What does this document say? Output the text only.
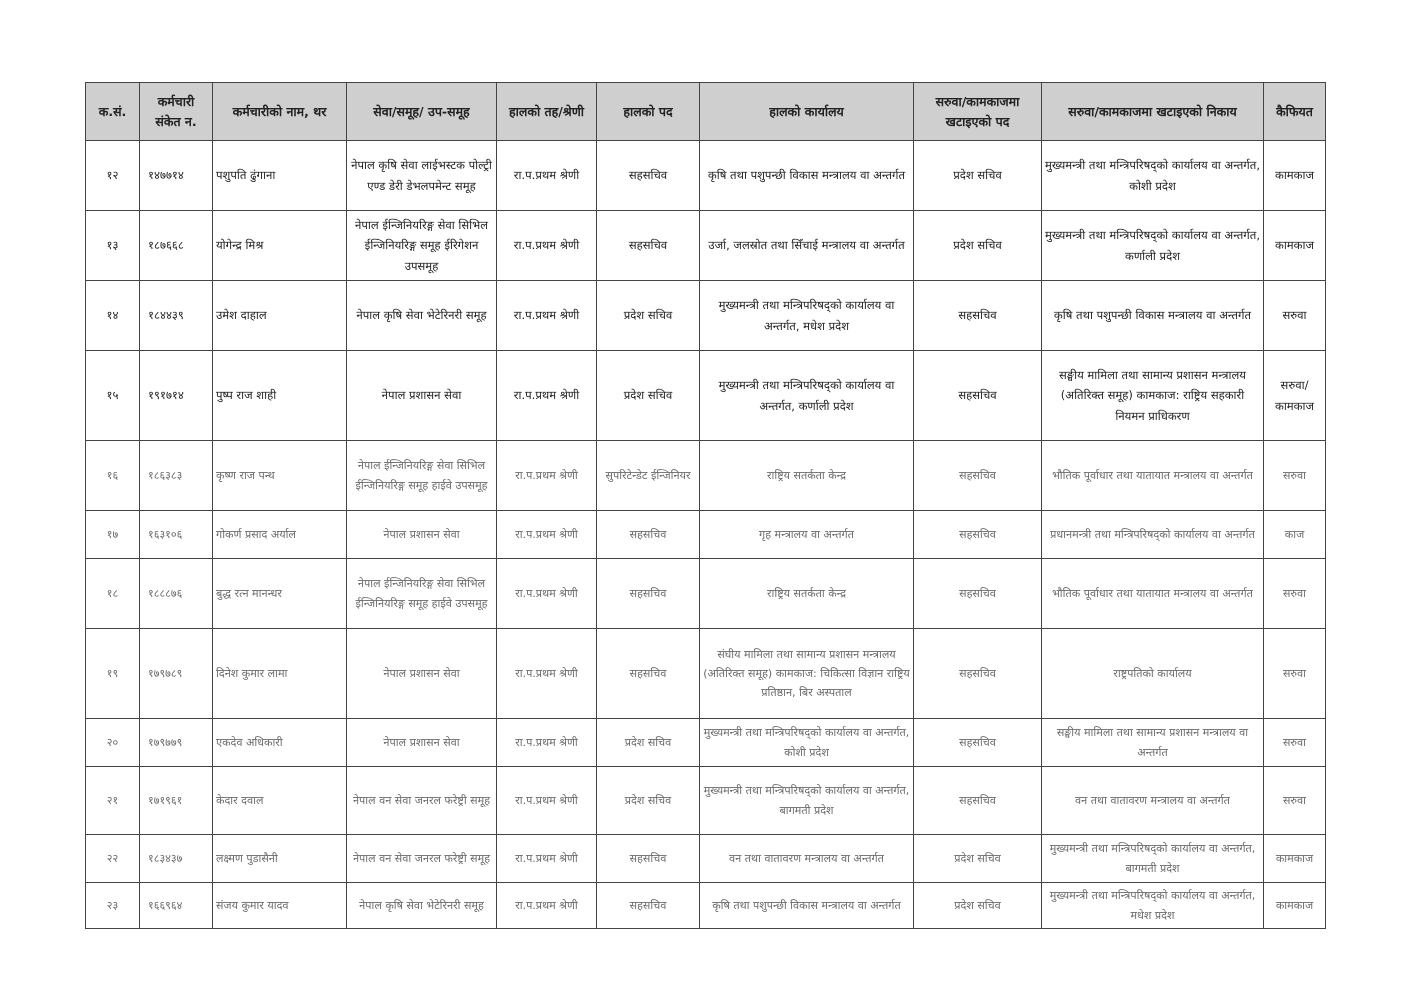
क.सं.	कर्मचारी संकेत न.	कर्मचारीको नाम, थर	सेवा/समूह/ उप-समूह	हालको तह/श्रेणी	हालको पद	हालको कार्यालय	सरुवा/कामकाजमा खटाइएको पद	सरुवा/कामकाजमा खटाइएको निकाय	कैफियत
१२	१४७७१४	पशुपति ढुंगाना	नेपाल कृषि सेवा लाईभस्टक पोल्ट्री एण्ड डेरी डेभलपमेन्ट समूह	रा.प.प्रथम श्रेणी	सहसचिव	कृषि तथा पशुपन्छी विकास मन्त्रालय वा अन्तर्गत	प्रदेश सचिव	मुख्यमन्त्री तथा मन्त्रिपरिषद्को कार्यालय वा अन्तर्गत, कोशी प्रदेश	कामकाज
१३	१८७६६८	योगेन्द्र मिश्र	नेपाल ईन्जिनियरिङ्ग सेवा सिभिल ईन्जिनियरिङ्ग समूह ईरिगेशन उपसमूह	रा.प.प्रथम श्रेणी	सहसचिव	उर्जा, जलस्रोत तथा सिँचाई मन्त्रालय वा अन्तर्गत	प्रदेश सचिव	मुख्यमन्त्री तथा मन्त्रिपरिषद्को कार्यालय वा अन्तर्गत, कर्णाली प्रदेश	कामकाज
१४	१८४४३९	उमेश दाहाल	नेपाल कृषि सेवा भेटेरिनरी समूह	रा.प.प्रथम श्रेणी	प्रदेश सचिव	मुख्यमन्त्री तथा मन्त्रिपरिषद्को कार्यालय वा अन्तर्गत, मधेश प्रदेश	सहसचिव	कृषि तथा पशुपन्छी विकास मन्त्रालय वा अन्तर्गत	सरुवा
१५	१९१७१४	पुष्प राज शाही	नेपाल प्रशासन सेवा	रा.प.प्रथम श्रेणी	प्रदेश सचिव	मुख्यमन्त्री तथा मन्त्रिपरिषद्को कार्यालय वा अन्तर्गत, कर्णाली प्रदेश	सहसचिव	सङ्घीय मामिला तथा सामान्य प्रशासन मन्त्रालय (अतिरिक्त समूह) कामकाज: राष्ट्रिय सहकारी नियमन प्राधिकरण	सरुवा/ कामकाज
१६	१८६३८३	कृष्ण राज पन्थ	नेपाल ईन्जिनियरिङ्ग सेवा सिभिल ईन्जिनियरिङ्ग समूह हाईवे उपसमूह	रा.प.प्रथम श्रेणी	सुपरिटेन्डेट ईन्जिनियर	राष्ट्रिय सतर्कता केन्द्र	सहसचिव	भौतिक पूर्वाधार तथा यातायात मन्त्रालय वा अन्तर्गत	सरुवा
१७	१६३१०६	गोकर्ण प्रसाद अर्याल	नेपाल प्रशासन सेवा	रा.प.प्रथम श्रेणी	सहसचिव	गृह मन्त्रालय वा अन्तर्गत	सहसचिव	प्रधानमन्त्री तथा मन्त्रिपरिषद्को कार्यालय वा अन्तर्गत	काज
१८	१८८८७६	बुद्ध रत्न मानन्धर	नेपाल ईन्जिनियरिङ्ग सेवा सिभिल ईन्जिनियरिङ्ग समूह हाईवे उपसमूह	रा.प.प्रथम श्रेणी	सहसचिव	राष्ट्रिय सतर्कता केन्द्र	सहसचिव	भौतिक पूर्वाधार तथा यातायात मन्त्रालय वा अन्तर्गत	सरुवा
१९	१७९७८९	दिनेश कुमार लामा	नेपाल प्रशासन सेवा	रा.प.प्रथम श्रेणी	सहसचिव	संघीय मामिला तथा सामान्य प्रशासन मन्त्रालय (अतिरिक्त समूह) कामकाज: चिकित्सा विज्ञान राष्ट्रिय प्रतिष्ठान, बिर अस्पताल	सहसचिव	राष्ट्रपतिको कार्यालय	सरुवा
२०	१७९७७९	एकदेव अधिकारी	नेपाल प्रशासन सेवा	रा.प.प्रथम श्रेणी	प्रदेश सचिव	मुख्यमन्त्री तथा मन्त्रिपरिषद्को कार्यालय वा अन्तर्गत, कोशी प्रदेश	सहसचिव	सङ्घीय मामिला तथा सामान्य प्रशासन मन्त्रालय वा अन्तर्गत	सरुवा
२१	१७१९६१	केदार दवाल	नेपाल वन सेवा जनरल फरेष्ट्री समूह	रा.प.प्रथम श्रेणी	प्रदेश सचिव	मुख्यमन्त्री तथा मन्त्रिपरिषद्को कार्यालय वा अन्तर्गत, बागमती प्रदेश	सहसचिव	वन तथा वातावरण मन्त्रालय वा अन्तर्गत	सरुवा
२२	१८३४३७	लक्ष्मण पुडासैनी	नेपाल वन सेवा जनरल फरेष्ट्री समूह	रा.प.प्रथम श्रेणी	सहसचिव	वन तथा वातावरण मन्त्रालय वा अन्तर्गत	प्रदेश सचिव	मुख्यमन्त्री तथा मन्त्रिपरिषद्को कार्यालय वा अन्तर्गत, बागमती प्रदेश	कामकाज
२३	१६६९६४	संजय कुमार यादव	नेपाल कृषि सेवा भेटेरिनरी समूह	रा.प.प्रथम श्रेणी	सहसचिव	कृषि तथा पशुपन्छी विकास मन्त्रालय वा अन्तर्गत	प्रदेश सचिव	मुख्यमन्त्री तथा मन्त्रिपरिषद्को कार्यालय वा अन्तर्गत, मधेश प्रदेश	कामकाज
